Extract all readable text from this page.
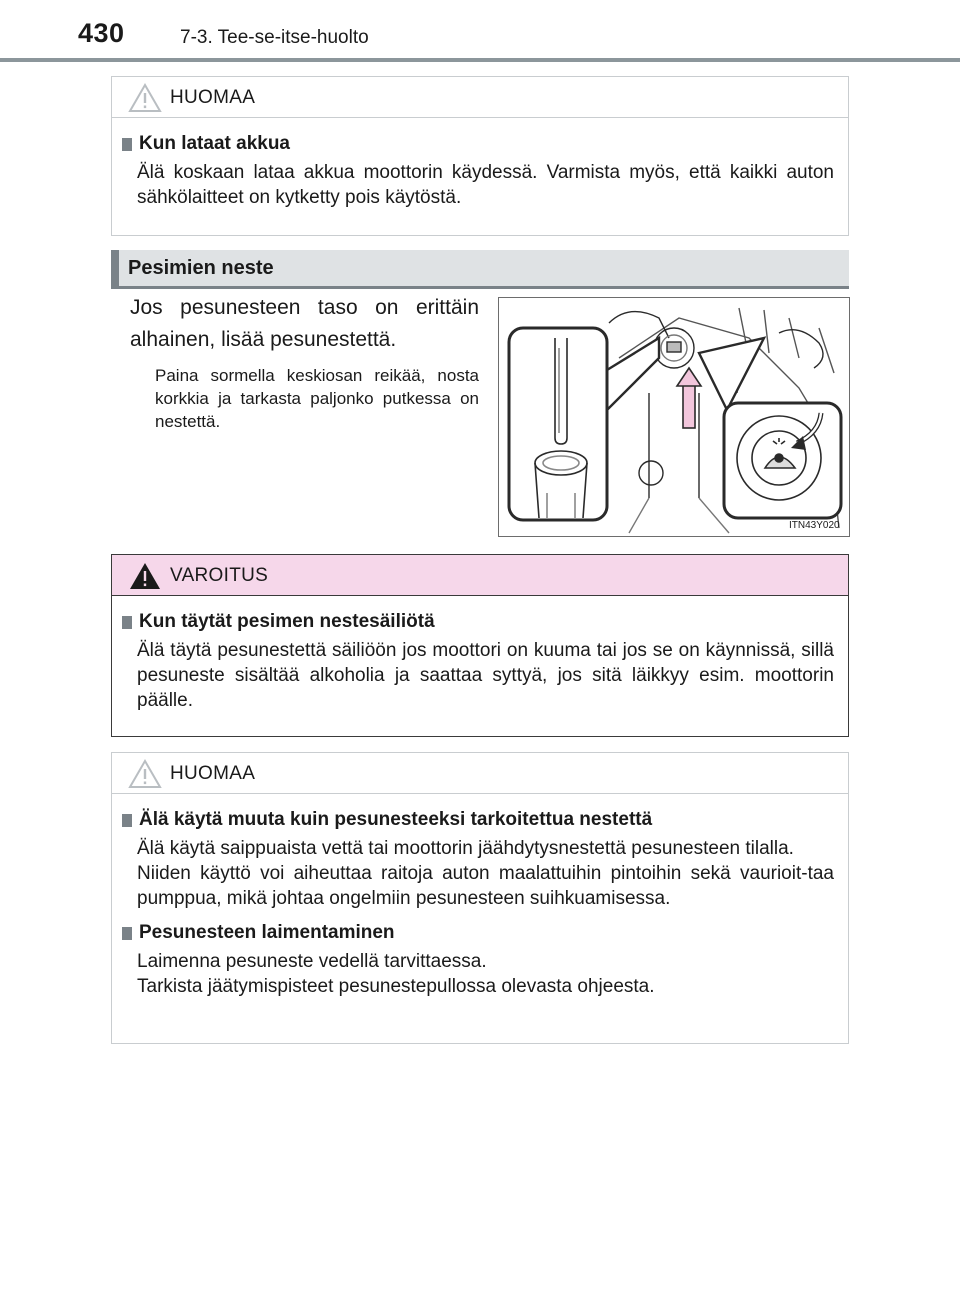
430	7-3. Tee-se-itse-huolto
HUOMAA
Kun lataat akkua

Älä koskaan lataa akkua moottorin käydessä. Varmista myös, että kaikki auton sähkölaitteet on kytketty pois käytöstä.

Pesimien neste
Jos pesunesteen taso on erittäin alhainen, lisää pesunestettä.
Paina sormella keskiosan reikää, nosta korkkia ja tarkasta paljonko putkessa on nestettä.
ITN43Y020
VAROITUS
Kun täytät pesimen nestesäiliötä

Älä täytä pesunestettä säiliöön jos moottori on kuuma tai jos se on käynnissä, sillä pesuneste sisältää alkoholia ja saattaa syttyä, jos sitä läikkyy esim. moottorin päälle.

HUOMAA
Älä käytä muuta kuin pesunesteeksi tarkoitettua nestettä

Älä käytä saippuaista vettä tai moottorin jäähdytysnestettä pesunesteen tilalla.

Niiden käyttö voi aiheuttaa raitoja auton maalattuihin pintoihin sekä vaurioit-taa pumppua, mikä johtaa ongelmiin pesunesteen suihkuamisessa.

Pesunesteen laimentaminen

Laimenna pesuneste vedellä tarvittaessa.

Tarkista jäätymispisteet pesunestepullossa olevasta ohjeesta.
